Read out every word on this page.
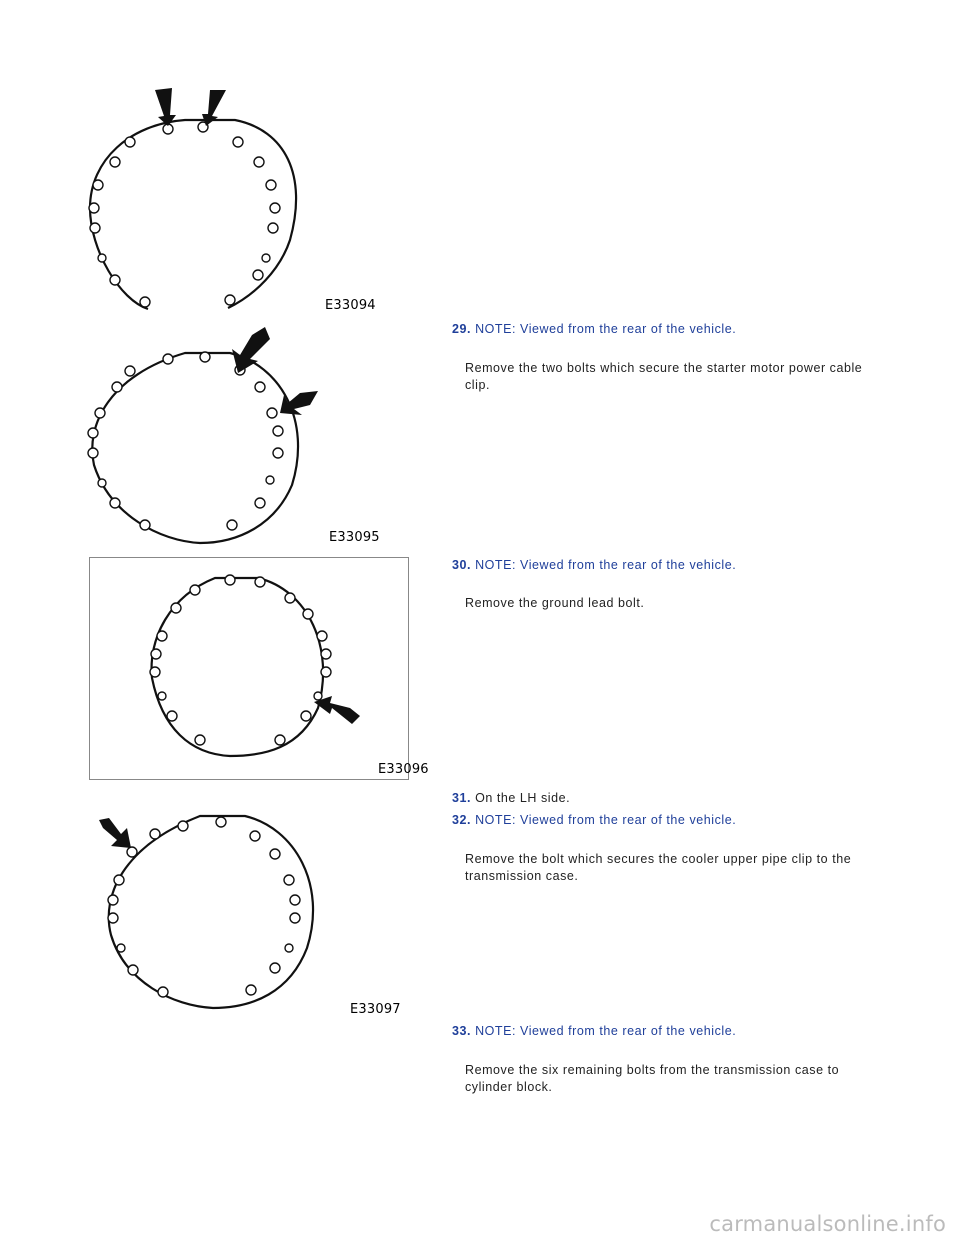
E33094
E33095
E33096
E33097
29. NOTE: Viewed from the rear of the vehicle.
Remove the two bolts which secure the starter motor power cable clip.
30. NOTE: Viewed from the rear of the vehicle.
Remove the ground lead bolt.
31. On the LH side.
32. NOTE: Viewed from the rear of the vehicle.
Remove the bolt which secures the cooler upper pipe clip to the transmission case.
33. NOTE: Viewed from the rear of the vehicle.
Remove the six remaining bolts from the transmission case to cylinder block.
carmanualsonline.info
